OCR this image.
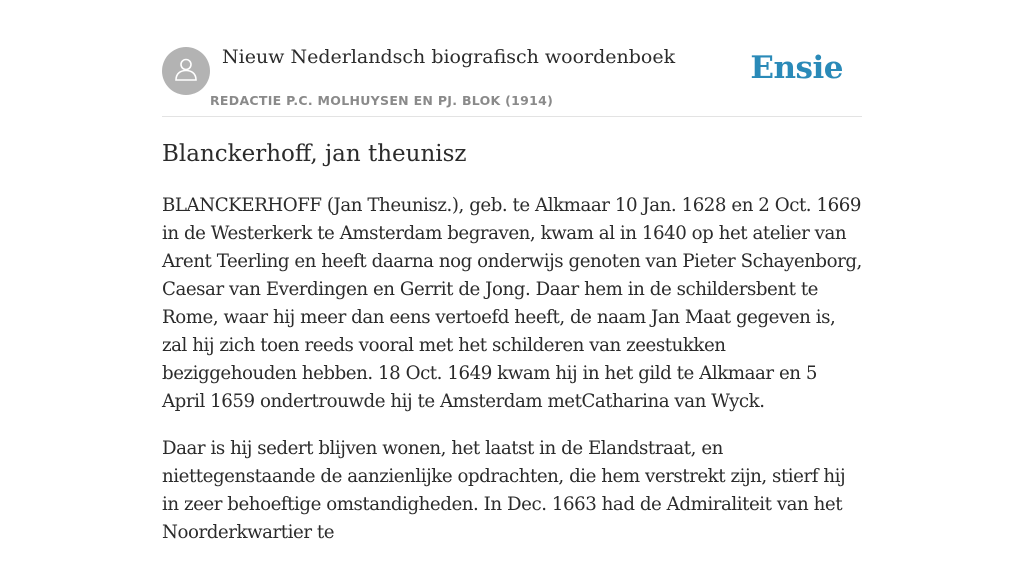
Nieuw Nederlandsch biografisch woordenboek
REDACTIE P.C. MOLHUYSEN EN PJ. BLOK (1914)
Ensie
Blanckerhoff, jan theunisz

BLANCKERHOFF (Jan Theunisz.), geb. te Alkmaar 10 Jan. 1628 en 2 Oct. 1669 in de Westerkerk te Amsterdam begraven, kwam al in 1640 op het atelier van Arent Teerling en heeft daarna nog onderwijs genoten van Pieter Schayenborg, Caesar van Everdingen en Gerrit de Jong. Daar hem in de schildersbent te Rome, waar hij meer dan eens vertoefd heeft, de naam Jan Maat gegeven is, zal hij zich toen reeds vooral met het schilderen van zeestukken beziggehouden hebben. 18 Oct. 1649 kwam hij in het gild te Alkmaar en 5 April 1659 ondertrouwde hij te Amsterdam metCatharina van Wyck.

Daar is hij sedert blijven wonen, het laatst in de Elandstraat, en niettegenstaande de aanzienlijke opdrachten, die hem verstrekt zijn, stierf hij in zeer behoeftige omstandigheden. In Dec. 1663 had de Admiraliteit van het Noorderkwartier te
